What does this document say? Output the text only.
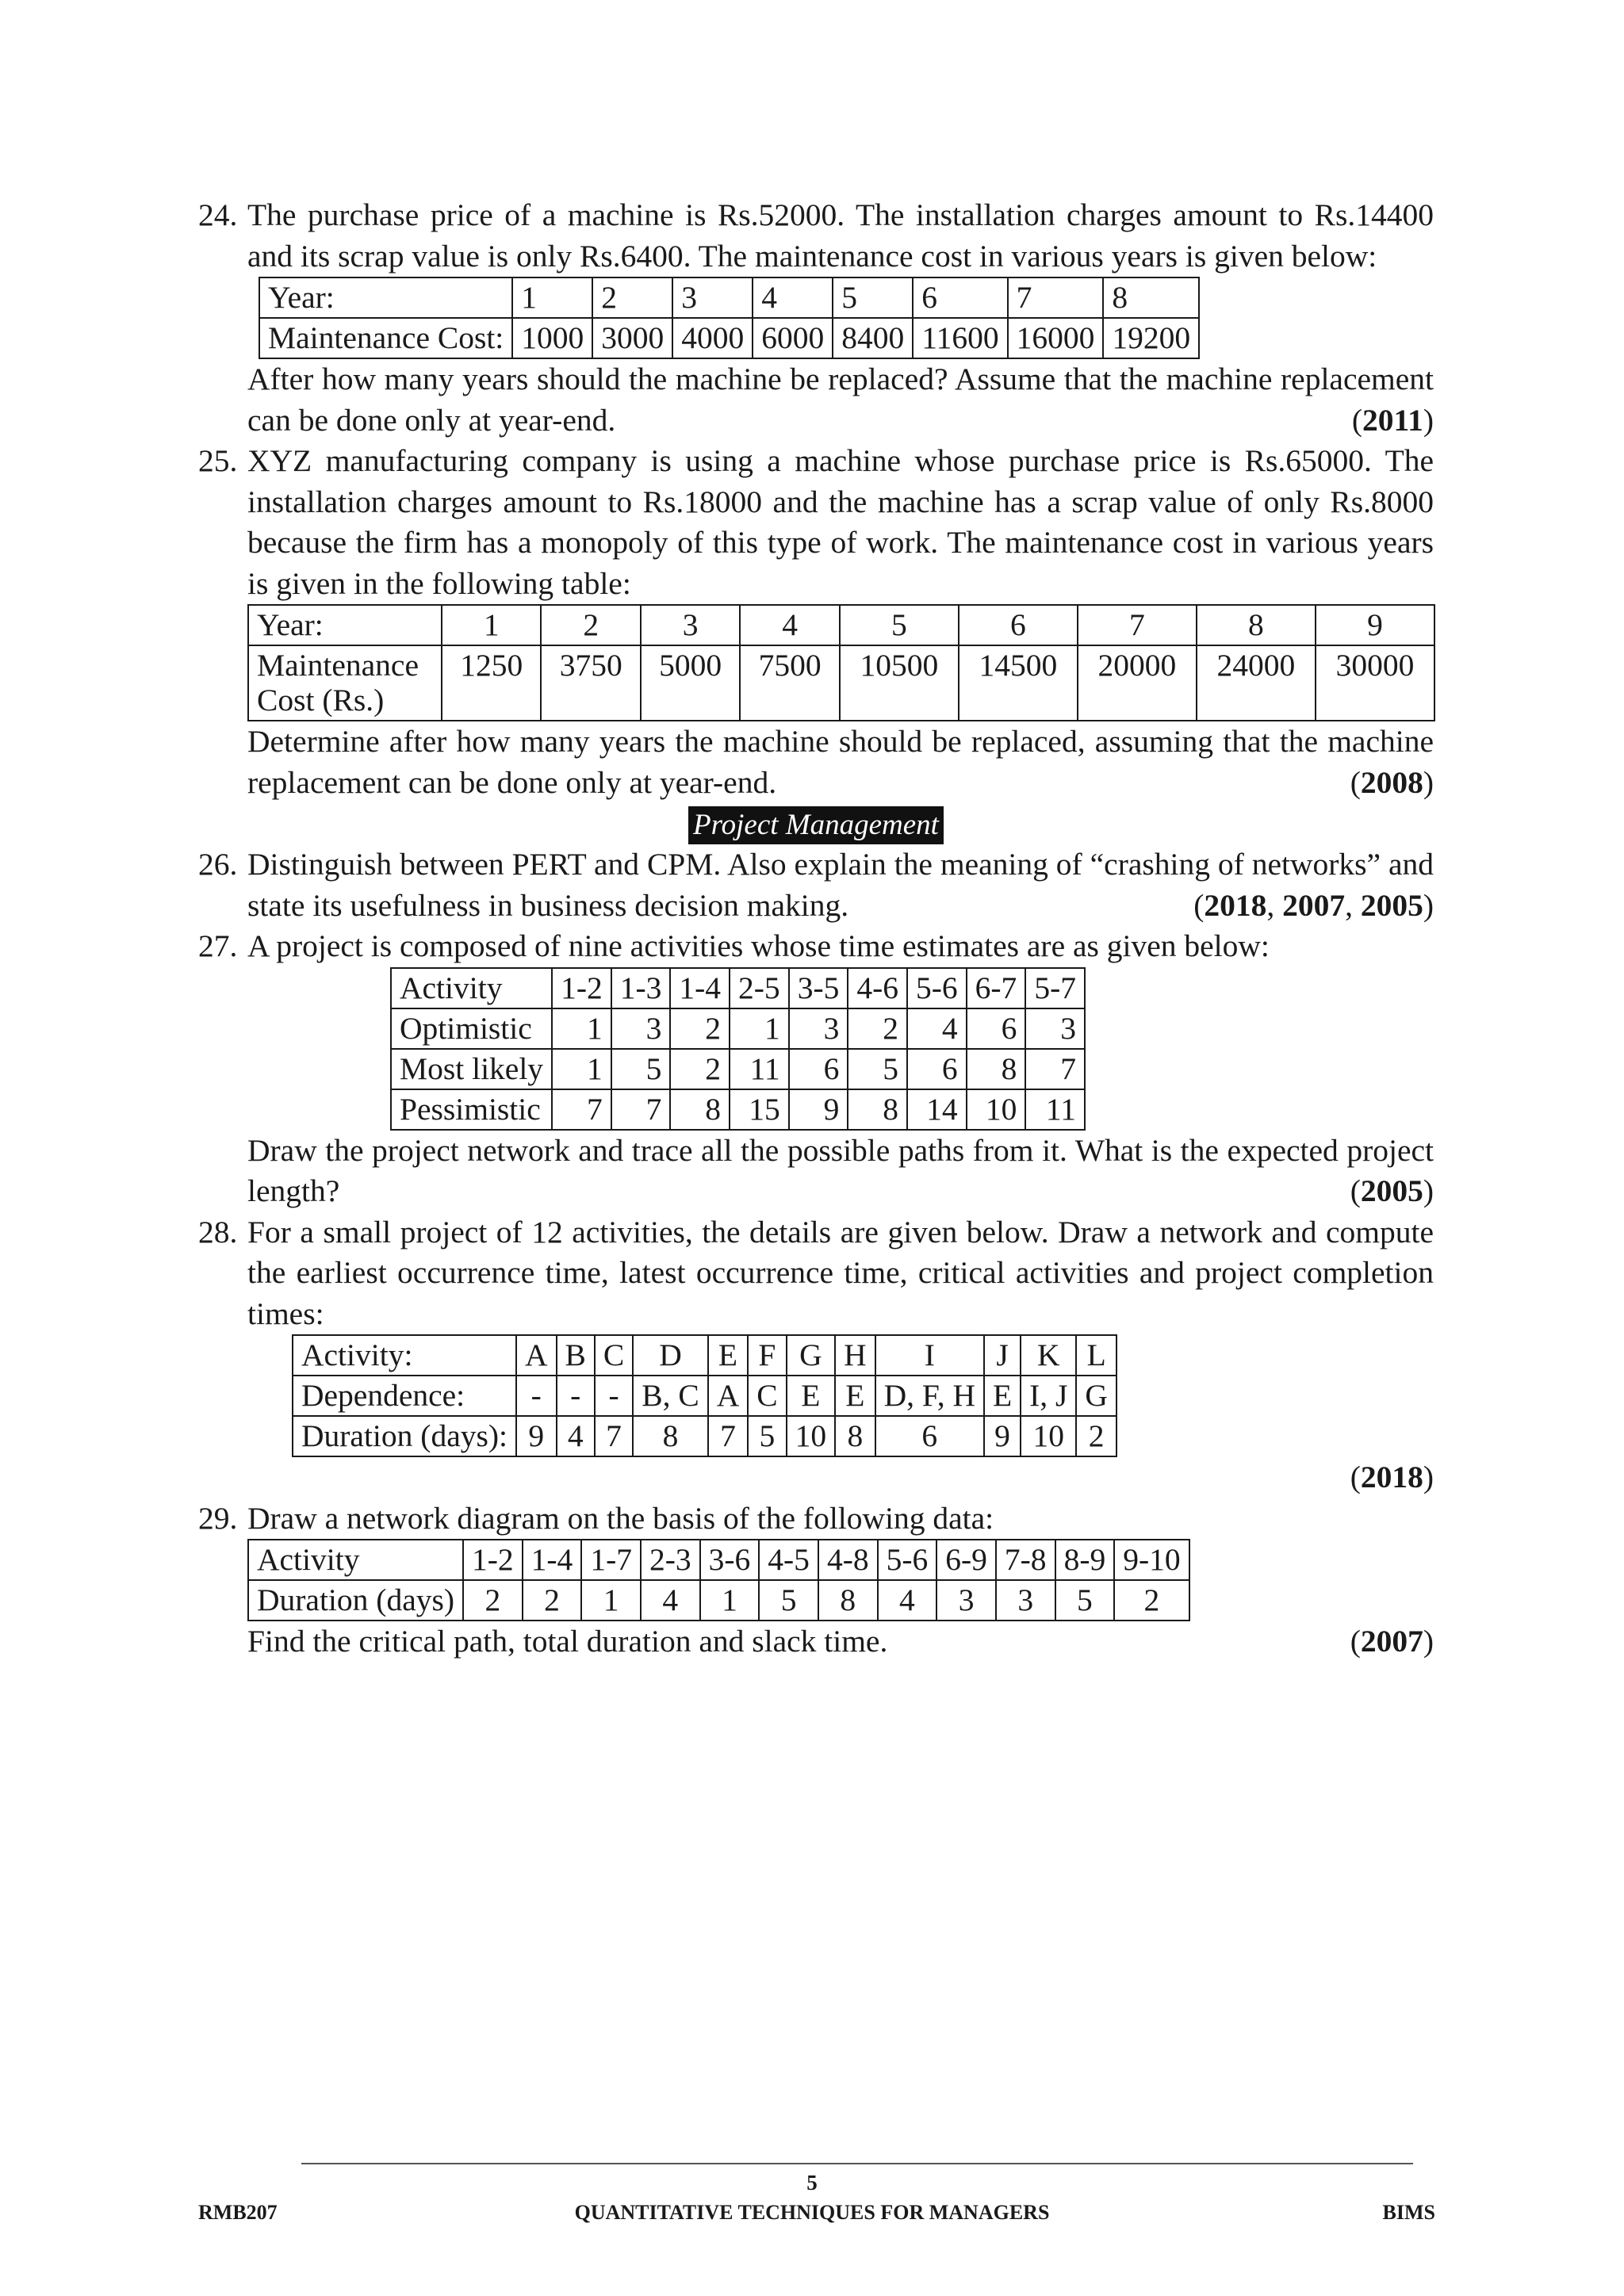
24. The purchase price of a machine is Rs.52000. The installation charges amount to Rs.14400 and its scrap value is only Rs.6400. The maintenance cost in various years is given below:
Year:	1	2	3	4	5	6	7	8
Maintenance Cost:	1000	3000	4000	6000	8400	11600	16000	19200
After how many years should the machine be replaced? Assume that the machine replacement can be done only at year-end.	(2011)
25. XYZ manufacturing company is using a machine whose purchase price is Rs.65000. The installation charges amount to Rs.18000 and the machine has a scrap value of only Rs.8000 because the firm has a monopoly of this type of work. The maintenance cost in various years is given in the following table:
Year:	1	2	3	4	5	6	7	8	9
Maintenance Cost (Rs.)	1250	3750	5000	7500	10500	14500	20000	24000	30000
Determine after how many years the machine should be replaced, assuming that the machine replacement can be done only at year-end.	(2008)
Project Management
26. Distinguish between PERT and CPM. Also explain the meaning of “crashing of networks” and state its usefulness in business decision making.	(2018, 2007, 2005)
27. A project is composed of nine activities whose time estimates are as given below:
Activity	1-2	1-3	1-4	2-5	3-5	4-6	5-6	6-7	5-7
Optimistic	1	3	2	1	3	2	4	6	3
Most likely	1	5	2	11	6	5	6	8	7
Pessimistic	7	7	8	15	9	8	14	10	11
Draw the project network and trace all the possible paths from it. What is the expected project length?	(2005)
28. For a small project of 12 activities, the details are given below. Draw a network and compute the earliest occurrence time, latest occurrence time, critical activities and project completion times:
Activity:	A	B	C	D	E	F	G	H	I	J	K	L
Dependence:	-	-	-	B, C	A	C	E	E	D, F, H	E	I, J	G
Duration (days):	9	4	7	8	7	5	10	8	6	9	10	2
(2018)
29. Draw a network diagram on the basis of the following data:
Activity	1-2	1-4	1-7	2-3	3-6	4-5	4-8	5-6	6-9	7-8	8-9	9-10
Duration (days)	2	2	1	4	1	5	8	4	3	3	5	2
Find the critical path, total duration and slack time.	(2007)
5
RMB207	QUANTITATIVE TECHNIQUES FOR MANAGERS	BIMS
